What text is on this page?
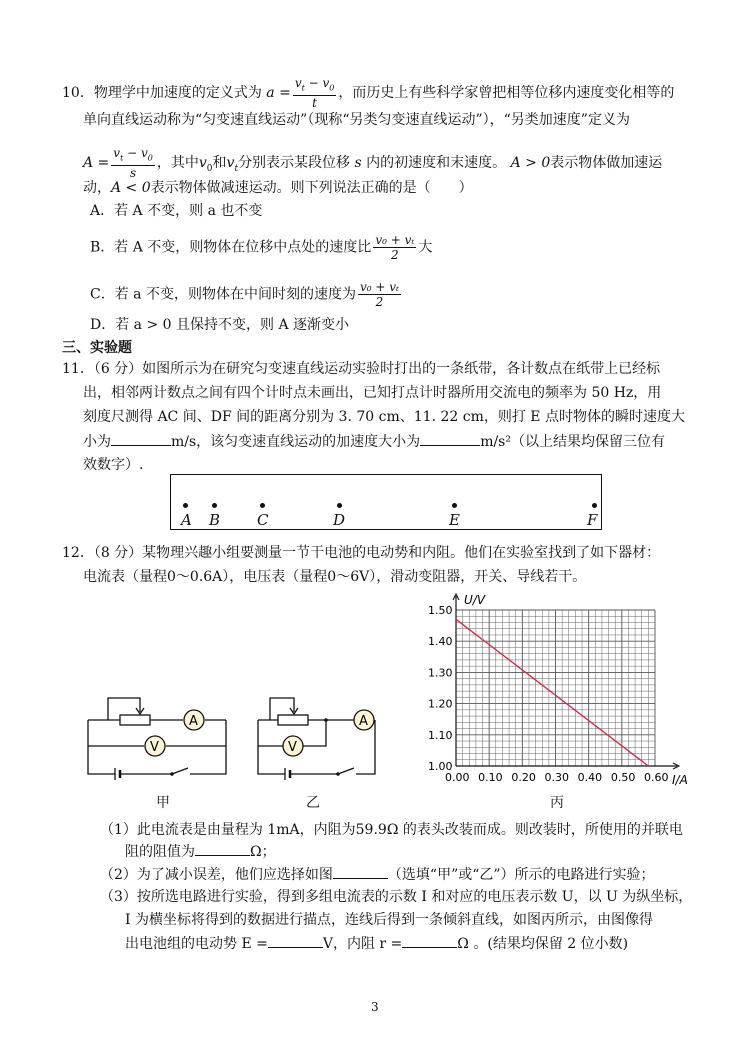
10．物理学中加速度的定义式为 $a = \frac{v_t - v_0}{t}$ ，而历史上有些科学家曾把相等位移内速度变化相等的
单向直线运动称为“匀变速直线运动”（现称“另类匀变速直线运动”），“另类加速度”定义为
$A = \frac{v_t - v_0}{s}$ ，其中$v_0$和$v_t$分别表示某段位移 s 内的初速度和末速度。 A > 0表示物体做加速运
动，A < 0表示物体做减速运动。则下列说法正确的是（　　）
A．若 A 不变，则 a 也不变
B．若 A 不变，则物体在位移中点处的速度比 $\frac{\text{v₀ + vₜ}}{2}$ 大
C．若 a 不变，则物体在中间时刻的速度为 $\frac{\text{v₀ + vₜ}}{2}$
D．若 a > 0 且保持不变，则 A 逐渐变小
三、实验题
11．（6 分）如图所示为在研究匀变速直线运动实验时打出的一条纸带，各计数点在纸带上已经标
出，相邻两计数点之间有四个计时点未画出，已知打点计时器所用交流电的频率为 50 Hz，用
刻度尺测得 AC 间、DF 间的距离分别为 3. 70 cm、11. 22 cm，则打 E 点时物体的瞬时速度大
小为	m/s，该匀变速直线运动的加速度大小为	m/s²（以上结果均保留三位有
效数字）.
A B C	D	E	F
12．（8 分）某物理兴趣小组要测量一节干电池的电动势和内阻。他们在实验室找到了如下器材：
电流表（量程0～0.6A），电压表（量程0～6V），滑动变阻器，开关、导线若干。
A
V
甲
A
V
乙
1.00
1.10
1.20
1.30
1.40
1.50
0.00 0.10 0.20 0.30 0.40 0.50 0.60
U/V
I/A
丙
（1）此电流表是由量程为 1mA，内阻为59.9Ω 的表头改装而成。则改装时，所使用的并联电
阻的阻值为	Ω；
（2）为了减小误差，他们应选择如图	（选填“甲”或“乙”）所示的电路进行实验；
（3）按所选电路进行实验，得到多组电流表的示数 I 和对应的电压表示数 U，以 U 为纵坐标，
I 为横坐标将得到的数据进行描点，连线后得到一条倾斜直线，如图丙所示，由图像得
出电池组的电动势 E =	V，内阻 r =	Ω 。(结果均保留 2 位小数)
3
